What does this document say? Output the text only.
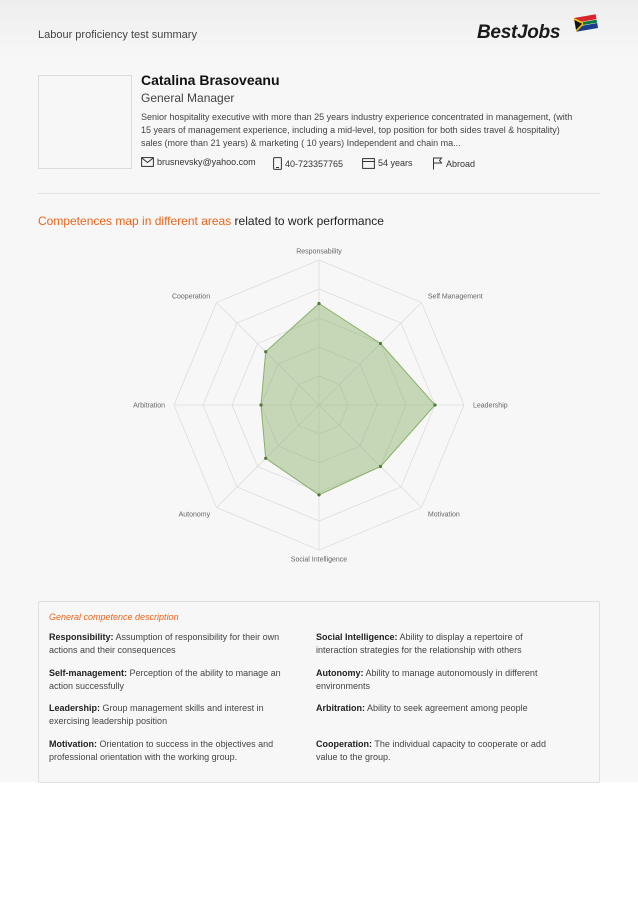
Labour proficiency test summary	BestJobs
Catalina Brasoveanu
General Manager
Senior hospitality executive with more than 25 years industry experience concentrated in management, (with 15 years of management experience, including a mid-level, top position for both sides travel & hospitality) sales (more than 21 years) & marketing ( 10 years) Independent and chain ma...
brusnevsky@yahoo.com	40-723357765	54 years	Abroad
Competences map in different areas related to work performance
Responsability
Self Management
Leadership
Motivation
Social Intelligence
Autonomy
Arbitration
Cooperation
General competence description
Responsibility: Assumption of responsibility for their own actions and their consequences
Social Intelligence: Ability to display a repertoire of interaction strategies for the relationship with others
Self-management: Perception of the ability to manage an action successfully
Autonomy: Ability to manage autonomously in different environments
Leadership: Group management skills and interest in exercising leadership position
Arbitration: Ability to seek agreement among people
Motivation: Orientation to success in the objectives and professional orientation with the working group.
Cooperation: The individual capacity to cooperate or add value to the group.
